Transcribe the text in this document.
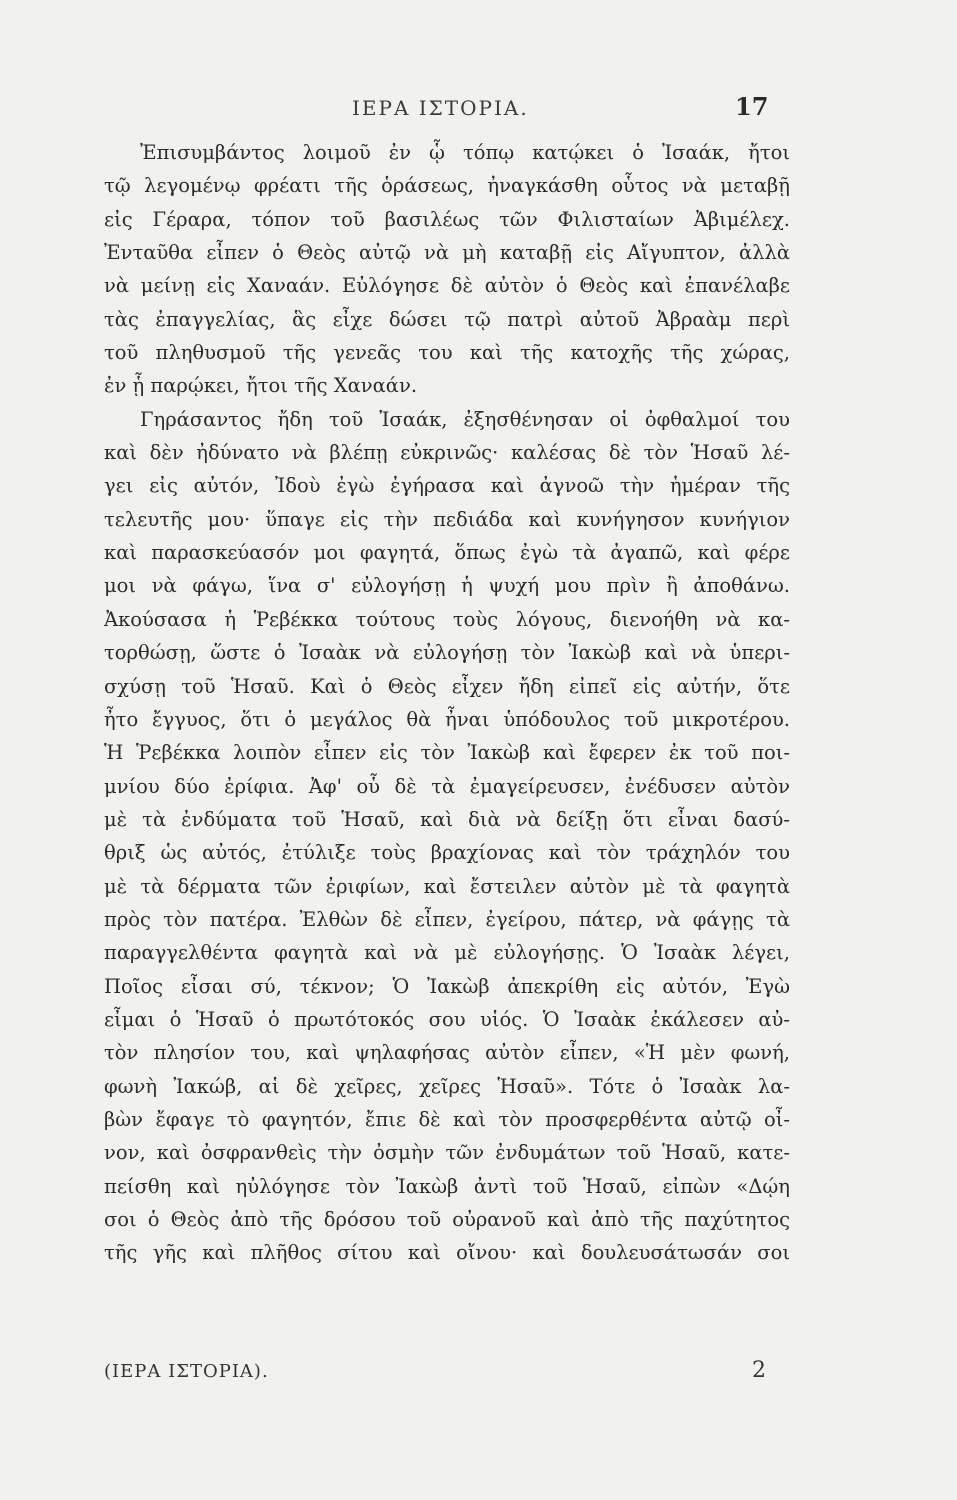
ΙΕΡΑ ΙΣΤΟΡΙΑ.	17
Ἐπισυμβάντος λοιμοῦ ἐν ᾧ τόπῳ κατῴκει ὁ Ἰσαάκ, ἤτοι
τῷ λεγομένῳ φρέατι τῆς ὁράσεως, ἠναγκάσθη οὗτος νὰ μεταβῇ
εἰς Γέραρα, τόπον τοῦ βασιλέως τῶν Φιλισταίων Ἀβιμέλεχ.
Ἐνταῦθα εἶπεν ὁ Θεὸς αὐτῷ νὰ μὴ καταβῇ εἰς Αἴγυπτον, ἀλλὰ
νὰ μείνῃ εἰς Χαναάν. Εὐλόγησε δὲ αὐτὸν ὁ Θεὸς καὶ ἐπανέλαβε
τὰς ἐπαγγελίας, ἃς εἶχε δώσει τῷ πατρὶ αὐτοῦ Ἀβραὰμ περὶ
τοῦ πληθυσμοῦ τῆς γενεᾶς του καὶ τῆς κατοχῆς τῆς χώρας,
ἐν ᾗ παρῴκει, ἤτοι τῆς Χαναάν.
Γηράσαντος ἤδη τοῦ Ἰσαάκ, ἐξησθένησαν οἱ ὀφθαλμοί του
καὶ δὲν ἠδύνατο νὰ βλέπῃ εὐκρινῶς· καλέσας δὲ τὸν Ἡσαῦ λέ-
γει εἰς αὐτόν, Ἰδοὺ ἐγὼ ἐγήρασα καὶ ἀγνοῶ τὴν ἡμέραν τῆς
τελευτῆς μου· ὕπαγε εἰς τὴν πεδιάδα καὶ κυνήγησον κυνήγιον
καὶ παρασκεύασόν μοι φαγητά, ὅπως ἐγὼ τὰ ἀγαπῶ, καὶ φέρε
μοι νὰ φάγω, ἵνα σ' εὐλογήσῃ ἡ ψυχή μου πρὶν ἢ ἀποθάνω.
Ἀκούσασα ἡ Ῥεβέκκα τούτους τοὺς λόγους, διενοήθη νὰ κα-
τορθώσῃ, ὥστε ὁ Ἰσαὰκ νὰ εὐλογήσῃ τὸν Ἰακὼβ καὶ νὰ ὑπερι-
σχύσῃ τοῦ Ἡσαῦ. Καὶ ὁ Θεὸς εἶχεν ἤδη εἰπεῖ εἰς αὐτήν, ὅτε
ἦτο ἔγγυος, ὅτι ὁ μεγάλος θὰ ἦναι ὑπόδουλος τοῦ μικροτέρου.
Ἡ Ῥεβέκκα λοιπὸν εἶπεν εἰς τὸν Ἰακὼβ καὶ ἔφερεν ἐκ τοῦ ποι-
μνίου δύο ἐρίφια. Ἀφ' οὗ δὲ τὰ ἐμαγείρευσεν, ἐνέδυσεν αὐτὸν
μὲ τὰ ἐνδύματα τοῦ Ἡσαῦ, καὶ διὰ νὰ δείξῃ ὅτι εἶναι δασύ-
θριξ ὡς αὐτός, ἐτύλιξε τοὺς βραχίονας καὶ τὸν τράχηλόν του
μὲ τὰ δέρματα τῶν ἐριφίων, καὶ ἔστειλεν αὐτὸν μὲ τὰ φαγητὰ
πρὸς τὸν πατέρα. Ἐλθὼν δὲ εἶπεν, ἐγείρου, πάτερ, νὰ φάγῃς τὰ
παραγγελθέντα φαγητὰ καὶ νὰ μὲ εὐλογήσῃς. Ὁ Ἰσαὰκ λέγει,
Ποῖος εἶσαι σύ, τέκνον; Ὁ Ἰακὼβ ἀπεκρίθη εἰς αὐτόν, Ἐγὼ
εἶμαι ὁ Ἡσαῦ ὁ πρωτότοκός σου υἱός. Ὁ Ἰσαὰκ ἐκάλεσεν αὐ-
τὸν πλησίον του, καὶ ψηλαφήσας αὐτὸν εἶπεν, «Ἡ μὲν φωνή,
φωνὴ Ἰακώβ, αἱ δὲ χεῖρες, χεῖρες Ἡσαῦ». Τότε ὁ Ἰσαὰκ λα-
βὼν ἔφαγε τὸ φαγητόν, ἔπιε δὲ καὶ τὸν προσφερθέντα αὐτῷ οἶ-
νον, καὶ ὀσφρανθεὶς τὴν ὀσμὴν τῶν ἐνδυμάτων τοῦ Ἡσαῦ, κατε-
πείσθη καὶ ηὐλόγησε τὸν Ἰακὼβ ἀντὶ τοῦ Ἡσαῦ, εἰπὼν «Δῴη
σοι ὁ Θεὸς ἀπὸ τῆς δρόσου τοῦ οὐρανοῦ καὶ ἀπὸ τῆς παχύτητος
τῆς γῆς καὶ πλῆθος σίτου καὶ οἴνου· καὶ δουλευσάτωσάν σοι
(ΙΕΡΑ ΙΣΤΟΡΙΑ).	2
